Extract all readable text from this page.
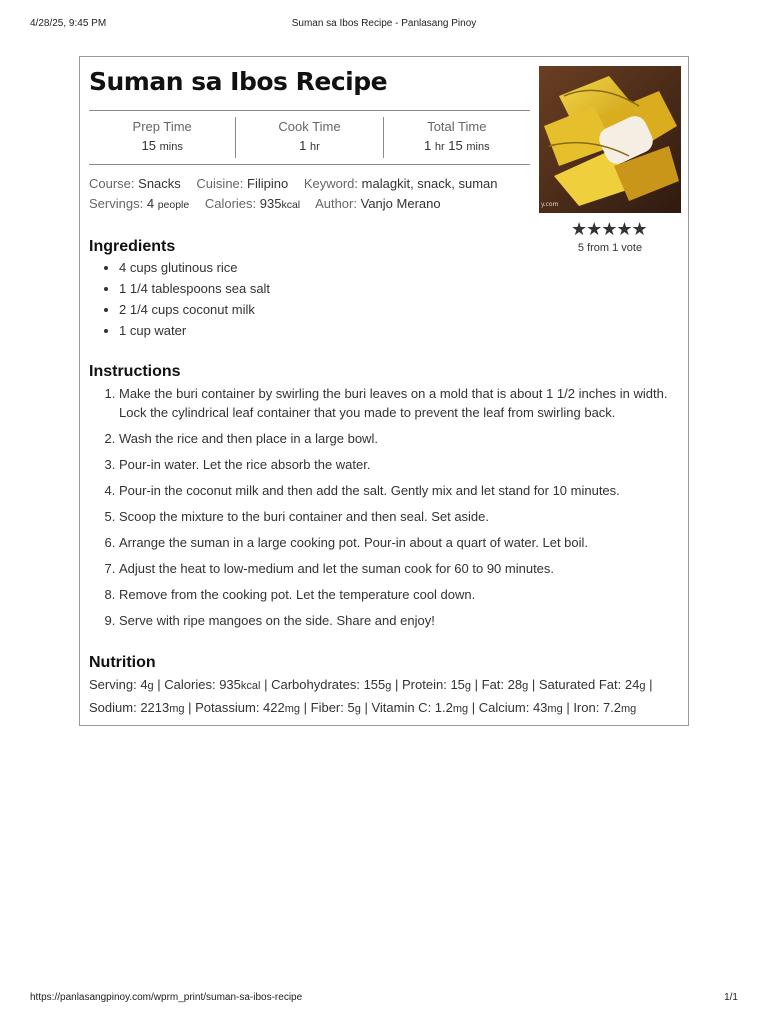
4/28/25, 9:45 PM	Suman sa Ibos Recipe - Panlasang Pinoy
Suman sa Ibos Recipe
Prep Time
15 mins
Cook Time
1 hr
Total Time
1 hr 15 mins
Course: Snacks Cuisine: Filipino Keyword: malagkit, snack, suman
Servings: 4 people Calories: 935kcal Author: Vanjo Merano	y.com
★★★★★
5 from 1 vote
Ingredients
• 4 cups glutinous rice
• 1 1/4 tablespoons sea salt
• 2 1/4 cups coconut milk
• 1 cup water
Instructions
1. Make the buri container by swirling the buri leaves on a mold that is about 1 1/2 inches in width. Lock the cylindrical leaf container that you made to prevent the leaf from swirling back.
2. Wash the rice and then place in a large bowl.
3. Pour-in water. Let the rice absorb the water.
4. Pour-in the coconut milk and then add the salt. Gently mix and let stand for 10 minutes.
5. Scoop the mixture to the buri container and then seal. Set aside.
6. Arrange the suman in a large cooking pot. Pour-in about a quart of water. Let boil.
7. Adjust the heat to low-medium and let the suman cook for 60 to 90 minutes.
8. Remove from the cooking pot. Let the temperature cool down.
9. Serve with ripe mangoes on the side. Share and enjoy!
Nutrition
Serving: 4g | Calories: 935kcal | Carbohydrates: 155g | Protein: 15g | Fat: 28g | Saturated Fat: 24g | Sodium: 2213mg | Potassium: 422mg | Fiber: 5g | Vitamin C: 1.2mg | Calcium: 43mg | Iron: 7.2mg
https://panlasangpinoy.com/wprm_print/suman-sa-ibos-recipe	1/1
